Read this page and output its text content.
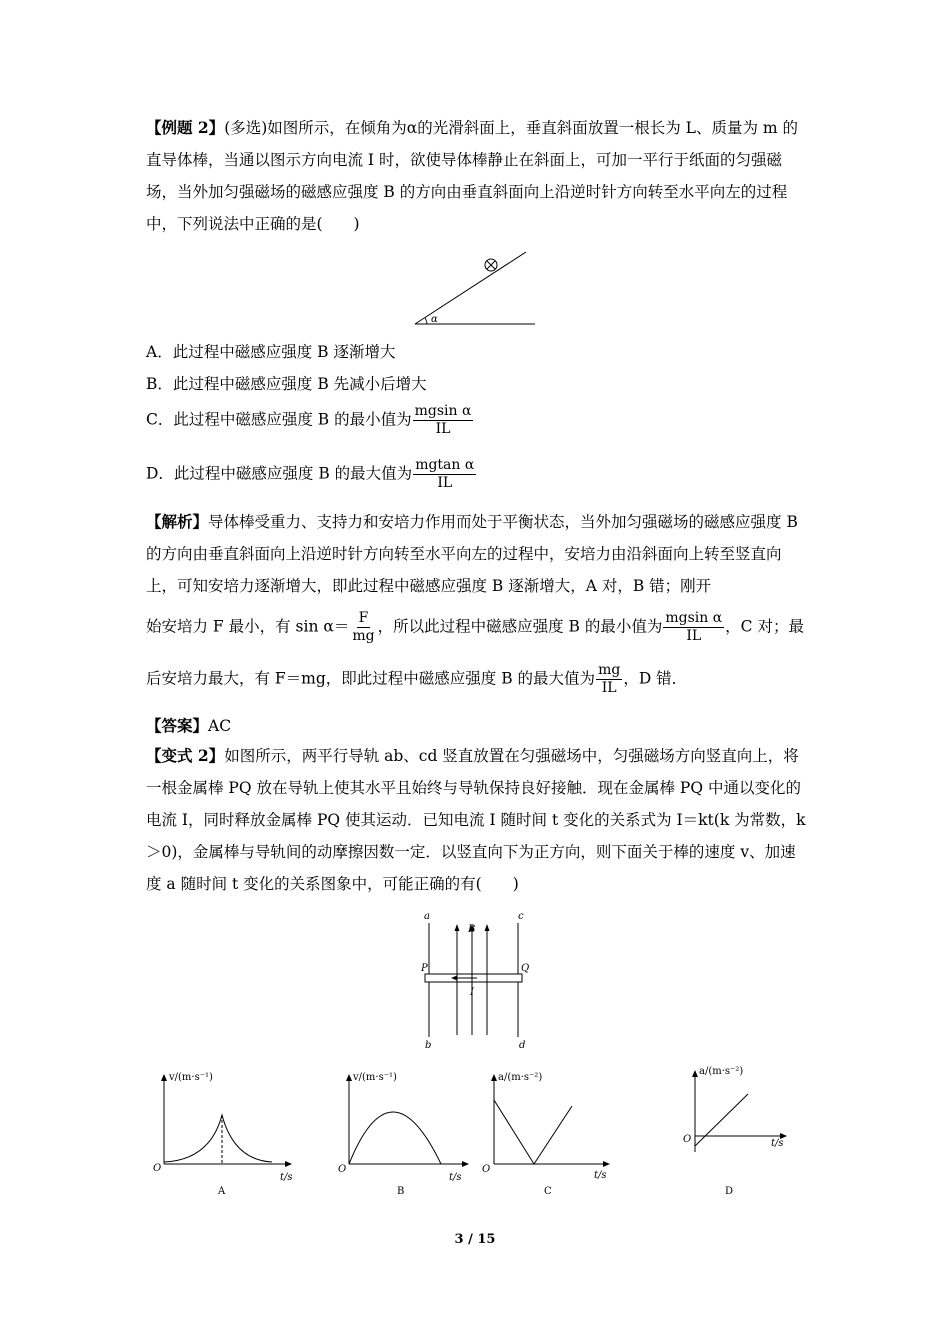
【例题 2】(多选)如图所示，在倾角为α的光滑斜面上，垂直斜面放置一根长为 L、质量为 m 的直导体棒，当通以图示方向电流 I 时，欲使导体棒静止在斜面上，可加一平行于纸面的匀强磁场，当外加匀强磁场的磁感应强度 B 的方向由垂直斜面向上沿逆时针方向转至水平向左的过程中，下列说法中正确的是(　　)

α
A．此过程中磁感应强度 B 逐渐增大
B．此过程中磁感应强度 B 先减小后增大
C．此过程中磁感应强度 B 的最小值为 $\frac{\text{mgsin α}}{IL}$
D．此过程中磁感应强度 B 的最大值为 $\frac{\text{mgtan α}}{IL}$

【解析】导体棒受重力、支持力和安培力作用而处于平衡状态，当外加匀强磁场的磁感应强度 B 的方向由垂直斜面向上沿逆时针方向转至水平向左的过程中，安培力由沿斜面向上转至竖直向上，可知安培力逐渐增大，即此过程中磁感应强度 B 逐渐增大，A 对，B 错；刚开

始安培力 F 最小，有 $\sin \alpha= \frac{F}{mg}$ ，所以此过程中磁感应强度 B 的最小值为 $\frac{\text{mgsin α}}{IL}$ ，C 对；最
后安培力最大，有 F＝mg，即此过程中磁感应强度 B 的最大值为 $\frac{mg}{IL}$ ，D 错．
【答案】AC

【变式 2】如图所示，两平行导轨 ab、cd 竖直放置在匀强磁场中，匀强磁场方向竖直向上，将一根金属棒 PQ 放在导轨上使其水平且始终与导轨保持良好接触．现在金属棒 PQ 中通以变化的电流 I，同时释放金属棒 PQ 使其运动．已知电流 I 随时间 t 变化的关系式为 I＝kt(k 为常数，k＞0)，金属棒与导轨间的动摩擦因数一定．以竖直向下为正方向，则下面关于棒的速度 v、加速度 a 随时间 t 变化的关系图象中，可能正确的有(　　)

a	c
b	d
P	Q
B
I
v/(m·s⁻¹)
t/s
O
A
v/(m·s⁻¹)
t/s
O
B
a/(m·s⁻²)
t/s
O
C
a/(m·s⁻²)
t/s
O
D
3 / 15
